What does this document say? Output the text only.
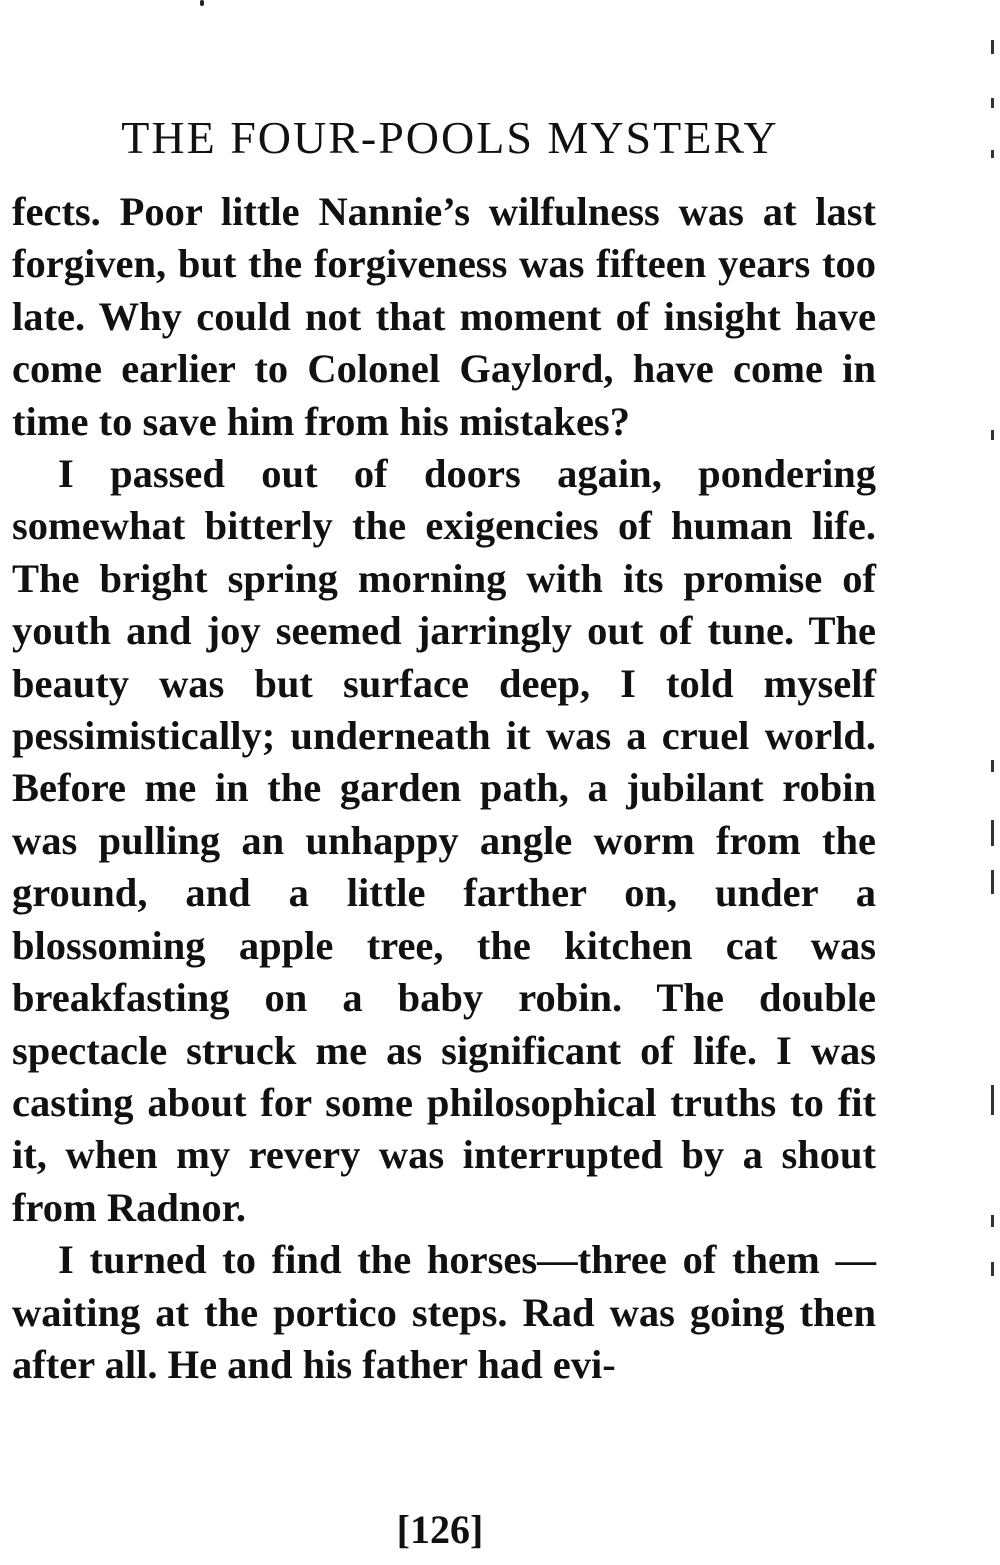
THE FOUR-POOLS MYSTERY

fects. Poor little Nannie’s wilfulness was at last forgiven, but the forgiveness was fifteen years too late. Why could not that moment of insight have come earlier to Colonel Gaylord, have come in time to save him from his mistakes?

I passed out of doors again, pondering somewhat bitterly the exigencies of human life. The bright spring morning with its promise of youth and joy seemed jarringly out of tune. The beauty was but surface deep, I told myself pessimistically; underneath it was a cruel world. Before me in the garden path, a jubilant robin was pulling an unhappy angle worm from the ground, and a little farther on, under a blossoming apple tree, the kitchen cat was breakfasting on a baby robin. The double spectacle struck me as significant of life. I was casting about for some philosophical truths to fit it, when my revery was interrupted by a shout from Radnor.

I turned to find the horses—three of them —waiting at the portico steps. Rad was going then after all. He and his father had evi-

[126]
